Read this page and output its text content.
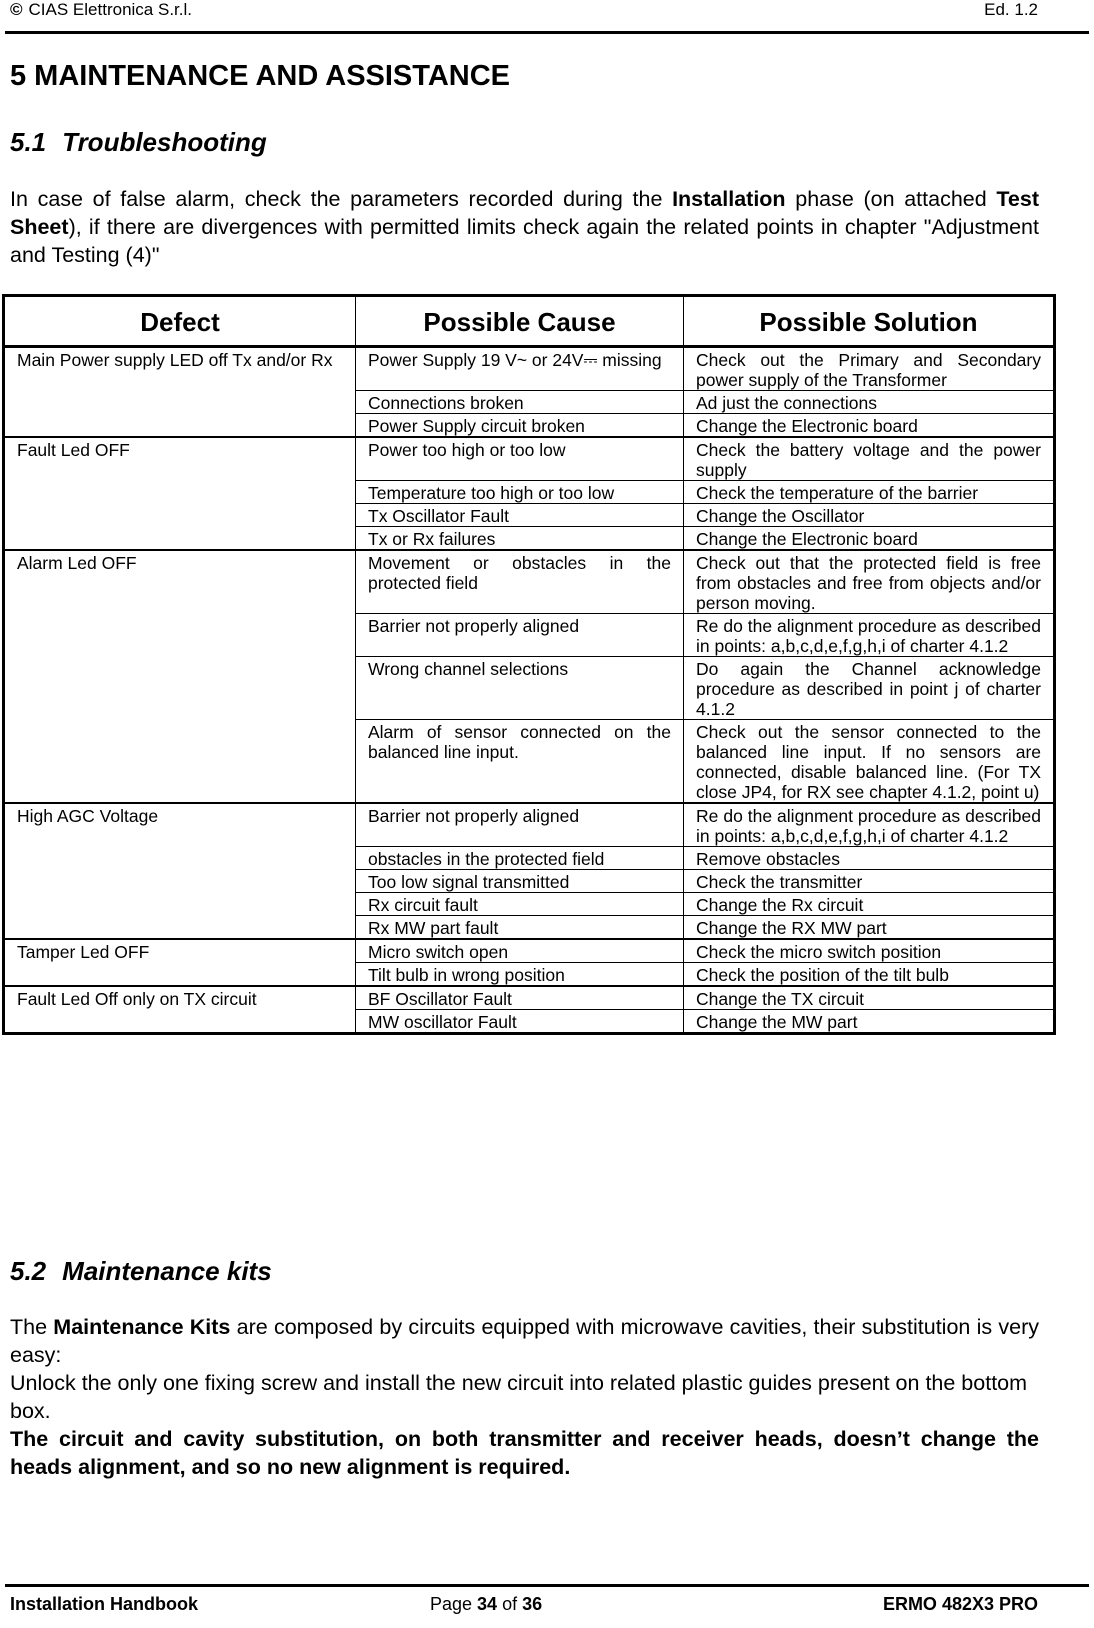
© CIAS Elettronica S.r.l.	Ed. 1.2
5 MAINTENANCE AND ASSISTANCE
5.1 Troubleshooting
In case of false alarm, check the parameters recorded during the Installation phase (on attached Test Sheet), if there are divergences with permitted limits check again the related points in chapter "Adjustment and Testing (4)"
Defect	Possible Cause	Possible Solution
Main Power supply LED off Tx and/or Rx	Power Supply 19 V~ or 24V⎓ missing	Check out the Primary and Secondary power supply of the Transformer
	Connections broken	Ad just the connections
	Power Supply circuit broken	Change the Electronic board
Fault Led OFF	Power too high or too low	Check the battery voltage and the power supply
	Temperature too high or too low	Check the temperature of the barrier
	Tx Oscillator Fault	Change the Oscillator
	Tx or Rx failures	Change the Electronic board
Alarm Led OFF	Movement or obstacles in the protected field	Check out that the protected field is free from obstacles and free from objects and/or person moving.
	Barrier not properly aligned	Re do the alignment procedure as described in points: a,b,c,d,e,f,g,h,i of charter 4.1.2
	Wrong channel selections	Do again the Channel acknowledge procedure as described in point j of charter 4.1.2
	Alarm of sensor connected on the balanced line input.	Check out the sensor connected to the balanced line input. If no sensors are connected, disable balanced line. (For TX close JP4, for RX see chapter 4.1.2, point u)
High AGC Voltage	Barrier not properly aligned	Re do the alignment procedure as described in points: a,b,c,d,e,f,g,h,i of charter 4.1.2
	obstacles in the protected field	Remove obstacles
	Too low signal transmitted	Check the transmitter
	Rx circuit fault	Change the Rx circuit
	Rx MW part fault	Change the RX MW part
Tamper Led OFF	Micro switch open	Check the micro switch position
	Tilt bulb in wrong position	Check the position of the tilt bulb
Fault Led Off only on TX circuit	BF Oscillator Fault	Change the TX circuit
	MW oscillator Fault	Change the MW part
5.2 Maintenance kits
The Maintenance Kits are composed by circuits equipped with microwave cavities, their substitution is very easy:
Unlock the only one fixing screw and install the new circuit into related plastic guides present on the bottom box.
The circuit and cavity substitution, on both transmitter and receiver heads, doesn’t change the heads alignment, and so no new alignment is required.
Installation Handbook	Page 34 of 36	ERMO 482X3 PRO
